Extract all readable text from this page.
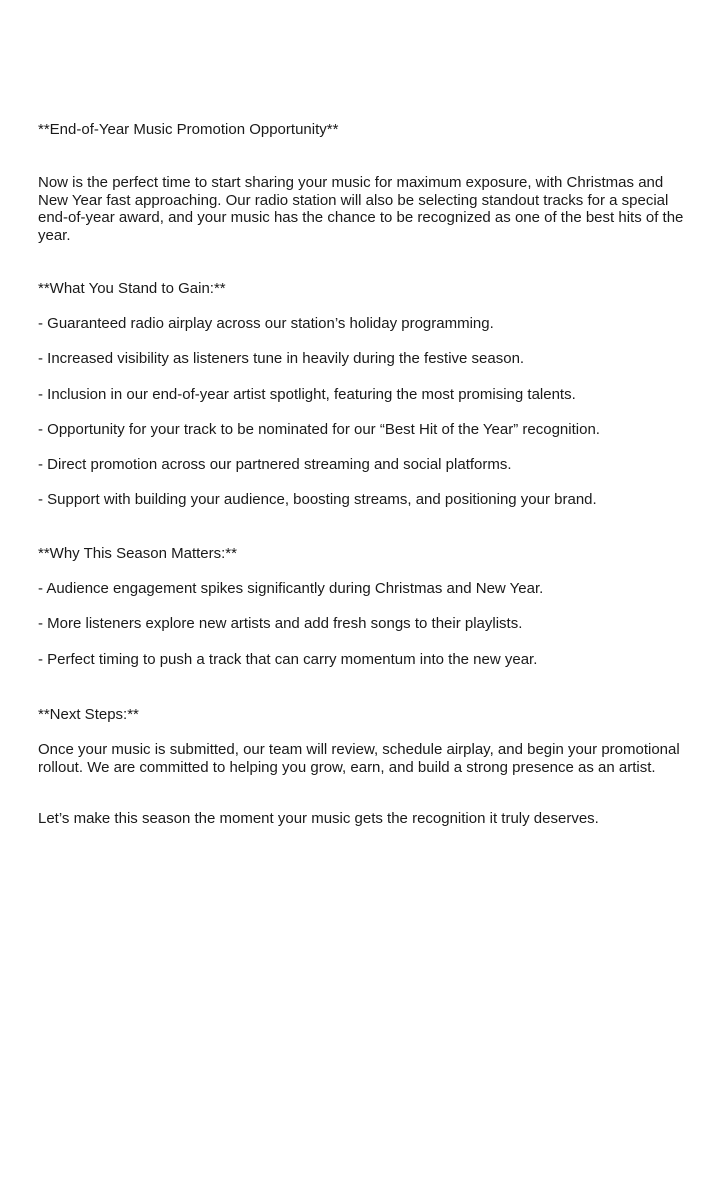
**End-of-Year Music Promotion Opportunity**

Now is the perfect time to start sharing your music for maximum exposure, with Christmas and New Year fast approaching. Our radio station will also be selecting standout tracks for a special
end-of-year award, and your music has the chance to be recognized as one of the best hits of the year.

**What You Stand to Gain:**

- Guaranteed radio airplay across our station’s holiday programming.

- Increased visibility as listeners tune in heavily during the festive season.

- Inclusion in our end-of-year artist spotlight, featuring the most promising talents.

- Opportunity for your track to be nominated for our “Best Hit of the Year” recognition.

- Direct promotion across our partnered streaming and social platforms.

- Support with building your audience, boosting streams, and positioning your brand.

**Why This Season Matters:**

- Audience engagement spikes significantly during Christmas and New Year.

- More listeners explore new artists and add fresh songs to their playlists.

- Perfect timing to push a track that can carry momentum into the new year.

**Next Steps:**

Once your music is submitted, our team will review, schedule airplay, and begin your promotional rollout. We are committed to helping you grow, earn, and build a strong presence as an artist.

Let’s make this season the moment your music gets the recognition it truly deserves.
